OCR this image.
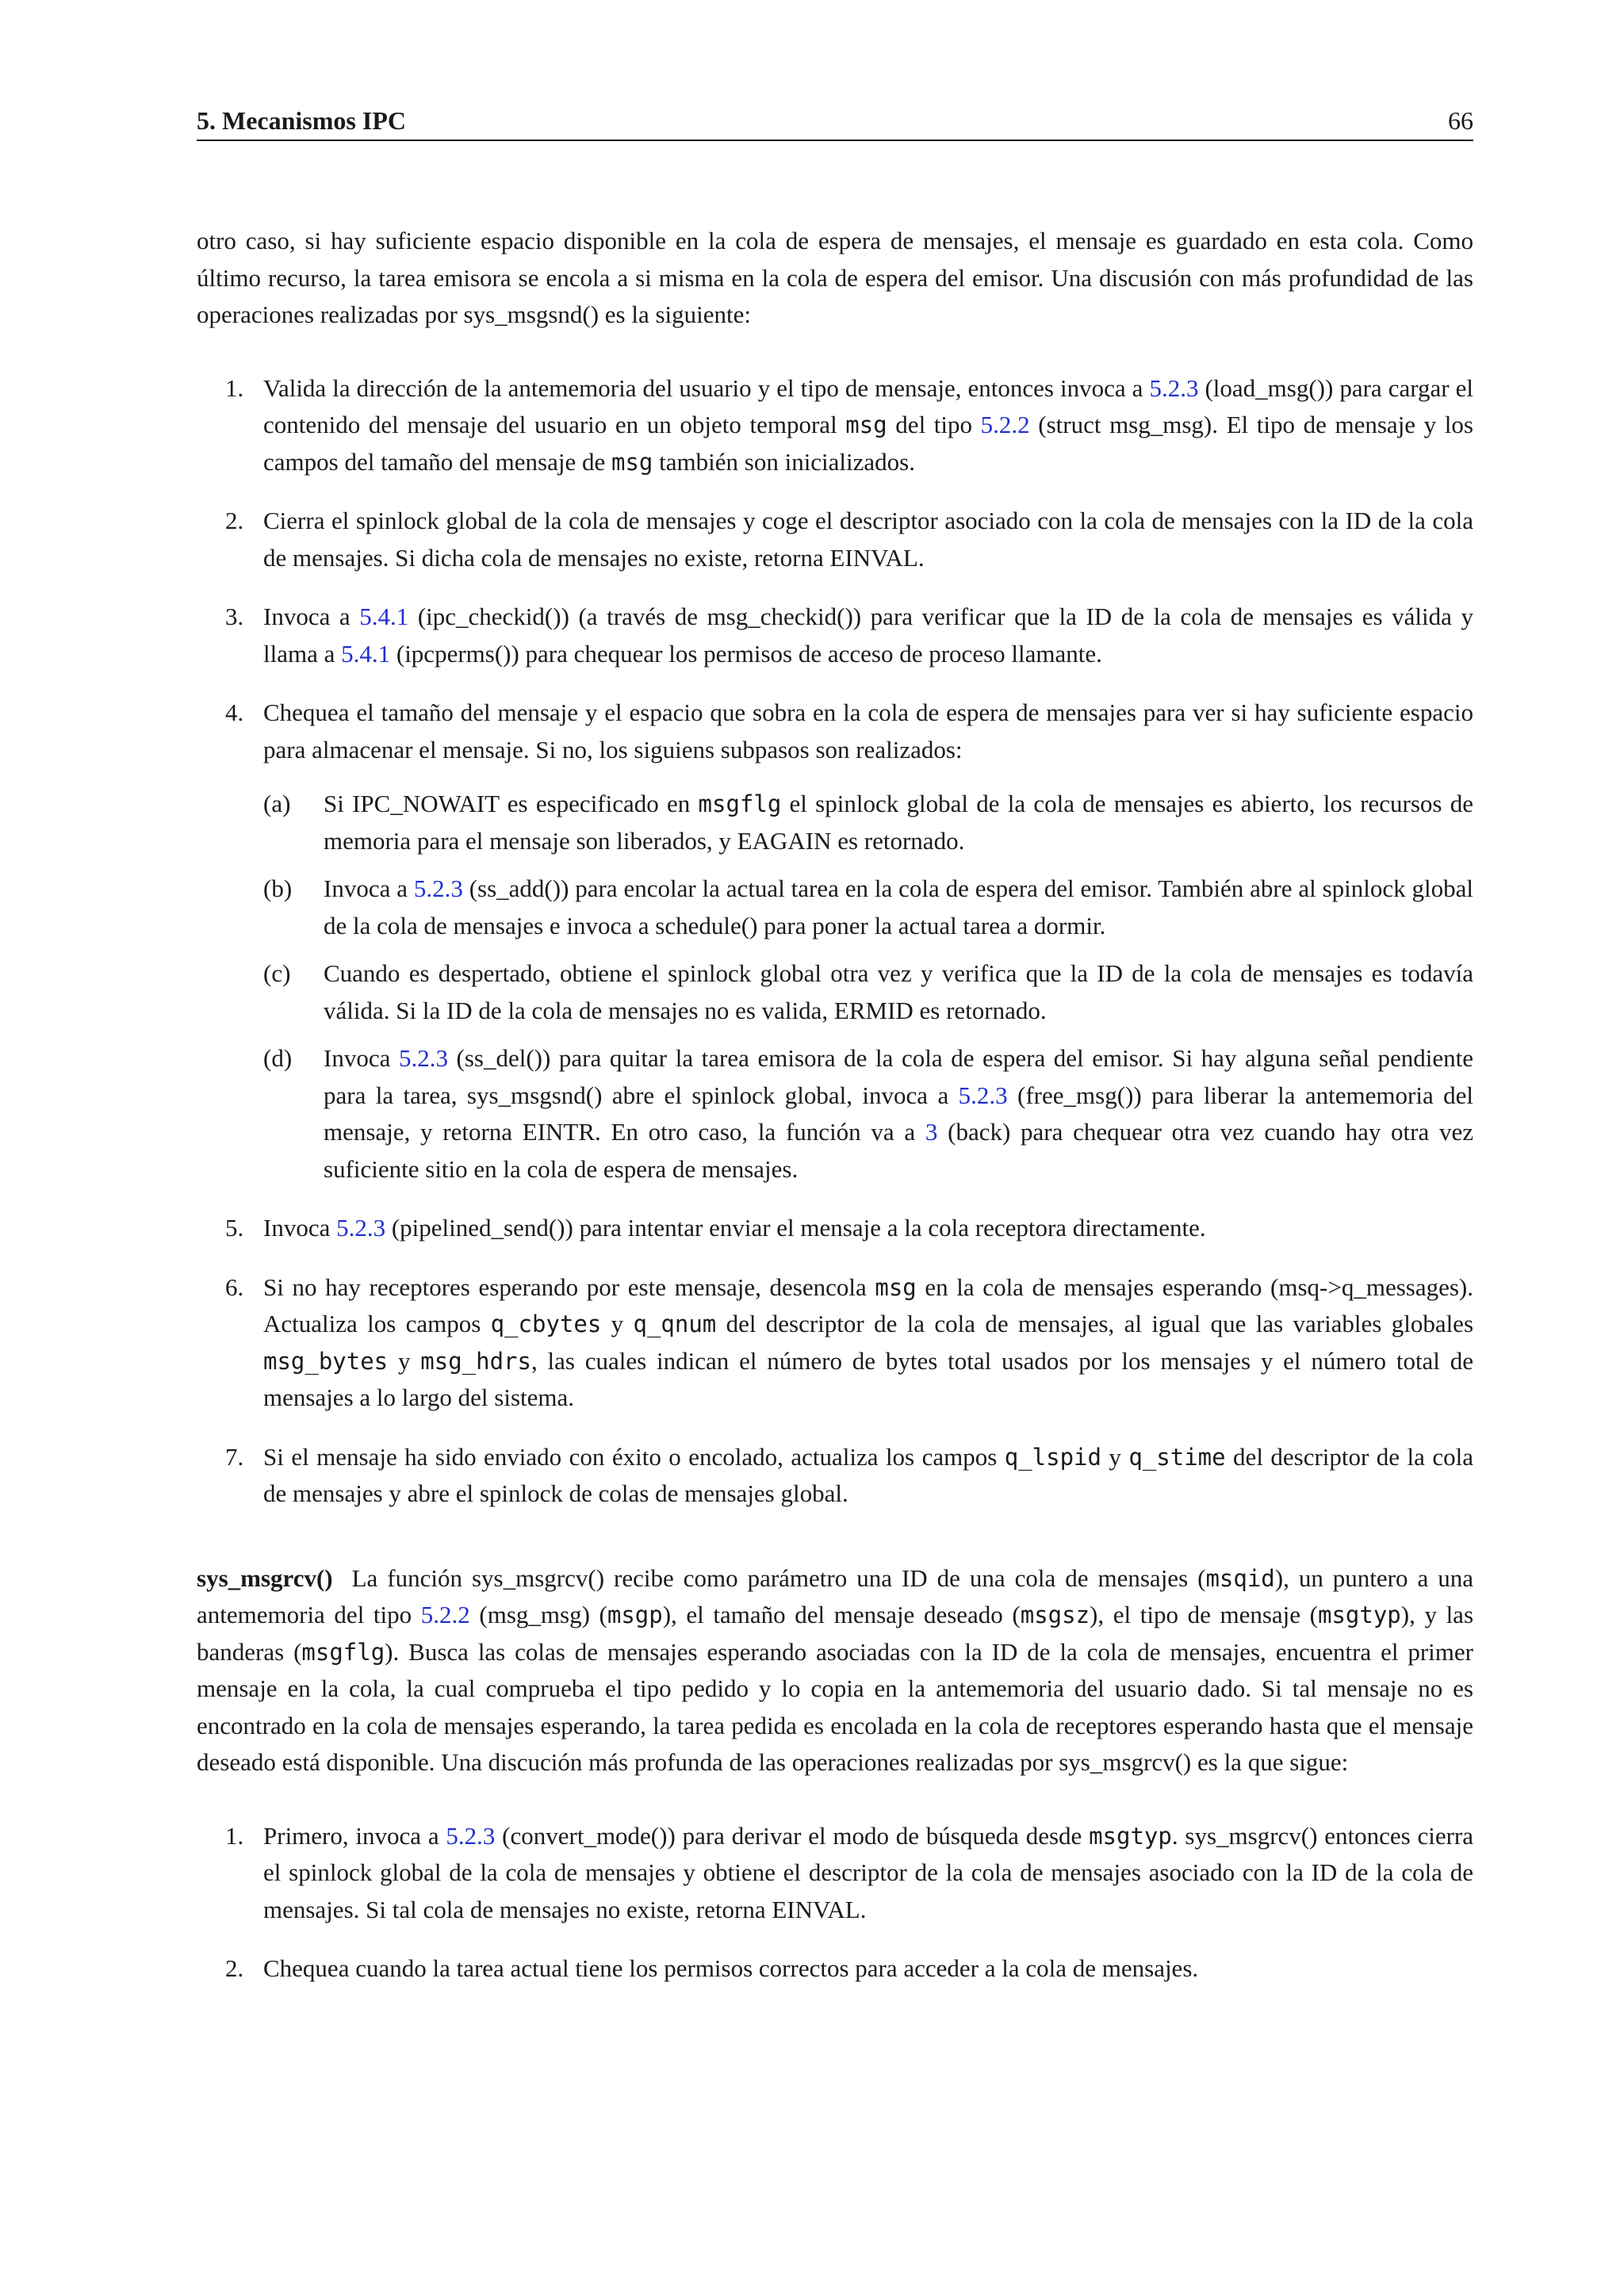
5. Mecanismos IPC	66

otro caso, si hay suficiente espacio disponible en la cola de espera de mensajes, el mensaje es guardado en esta cola. Como último recurso, la tarea emisora se encola a si misma en la cola de espera del emisor. Una discusión con más profundidad de las operaciones realizadas por sys_msgsnd() es la siguiente:

1. Valida la dirección de la antememoria del usuario y el tipo de mensaje, entonces invoca a 5.2.3 (load_msg()) para cargar el contenido del mensaje del usuario en un objeto temporal msg del tipo 5.2.2 (struct msg_msg). El tipo de mensaje y los campos del tamaño del mensaje de msg también son inicializados.
2. Cierra el spinlock global de la cola de mensajes y coge el descriptor asociado con la cola de mensajes con la ID de la cola de mensajes. Si dicha cola de mensajes no existe, retorna EINVAL.
3. Invoca a 5.4.1 (ipc_checkid()) (a través de msg_checkid()) para verificar que la ID de la cola de mensajes es válida y llama a 5.4.1 (ipcperms()) para chequear los permisos de acceso de proceso llamante.
4. Chequea el tamaño del mensaje y el espacio que sobra en la cola de espera de mensajes para ver si hay suficiente espacio para almacenar el mensaje. Si no, los siguiens subpasos son realizados:
(a) Si IPC_NOWAIT es especificado en msgflg el spinlock global de la cola de mensajes es abierto, los recursos de memoria para el mensaje son liberados, y EAGAIN es retornado.
(b) Invoca a 5.2.3 (ss_add()) para encolar la actual tarea en la cola de espera del emisor. También abre al spinlock global de la cola de mensajes e invoca a schedule() para poner la actual tarea a dormir.
(c) Cuando es despertado, obtiene el spinlock global otra vez y verifica que la ID de la cola de mensajes es todavía válida. Si la ID de la cola de mensajes no es valida, ERMID es retornado.
(d) Invoca 5.2.3 (ss_del()) para quitar la tarea emisora de la cola de espera del emisor. Si hay alguna señal pendiente para la tarea, sys_msgsnd() abre el spinlock global, invoca a 5.2.3 (free_msg()) para liberar la antememoria del mensaje, y retorna EINTR. En otro caso, la función va a 3 (back) para chequear otra vez cuando hay otra vez suficiente sitio en la cola de espera de mensajes.
5. Invoca 5.2.3 (pipelined_send()) para intentar enviar el mensaje a la cola receptora directamente.
6. Si no hay receptores esperando por este mensaje, desencola msg en la cola de mensajes esperando (msq->q_messages). Actualiza los campos q_cbytes y q_qnum del descriptor de la cola de mensajes, al igual que las variables globales msg_bytes y msg_hdrs, las cuales indican el número de bytes total usados por los mensajes y el número total de mensajes a lo largo del sistema.
7. Si el mensaje ha sido enviado con éxito o encolado, actualiza los campos q_lspid y q_stime del descriptor de la cola de mensajes y abre el spinlock de colas de mensajes global.

sys_msgrcv() La función sys_msgrcv() recibe como parámetro una ID de una cola de mensajes (msqid), un puntero a una antememoria del tipo 5.2.2 (msg_msg) (msgp), el tamaño del mensaje deseado (msgsz), el tipo de mensaje (msgtyp), y las banderas (msgflg). Busca las colas de mensajes esperando asociadas con la ID de la cola de mensajes, encuentra el primer mensaje en la cola, la cual comprueba el tipo pedido y lo copia en la antememoria del usuario dado. Si tal mensaje no es encontrado en la cola de mensajes esperando, la tarea pedida es encolada en la cola de receptores esperando hasta que el mensaje deseado está disponible. Una discución más profunda de las operaciones realizadas por sys_msgrcv() es la que sigue:

1. Primero, invoca a 5.2.3 (convert_mode()) para derivar el modo de búsqueda desde msgtyp. sys_msgrcv() entonces cierra el spinlock global de la cola de mensajes y obtiene el descriptor de la cola de mensajes asociado con la ID de la cola de mensajes. Si tal cola de mensajes no existe, retorna EINVAL.
2. Chequea cuando la tarea actual tiene los permisos correctos para acceder a la cola de mensajes.
